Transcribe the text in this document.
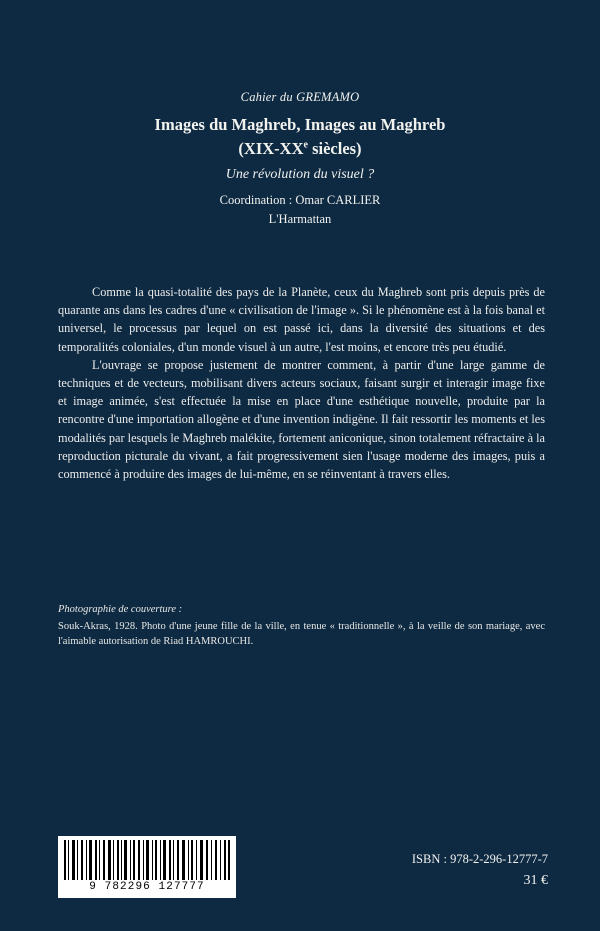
Cahier du GREMAMO
Images du Maghreb, Images au Maghreb
(XIX-XXe siècles)
Une révolution du visuel ?
Coordination : Omar CARLIER
L'Harmattan

Comme la quasi-totalité des pays de la Planète, ceux du Maghreb sont pris depuis près de quarante ans dans les cadres d'une « civilisation de l'image ». Si le phénomène est à la fois banal et universel, le processus par lequel on est passé ici, dans la diversité des situations et des temporalités coloniales, d'un monde visuel à un autre, l'est moins, et encore très peu étudié.

L'ouvrage se propose justement de montrer comment, à partir d'une large gamme de techniques et de vecteurs, mobilisant divers acteurs sociaux, faisant surgir et interagir image fixe et image animée, s'est effectuée la mise en place d'une esthétique nouvelle, produite par la rencontre d'une importation allogène et d'une invention indigène. Il fait ressortir les moments et les modalités par lesquels le Maghreb malékite, fortement aniconique, sinon totalement réfractaire à la reproduction picturale du vivant, a fait progressivement sien l'usage moderne des images, puis a commencé à produire des images de lui-même, en se réinventant à travers elles.

Photographie de couverture :
Souk-Akras, 1928. Photo d'une jeune fille de la ville, en tenue « traditionnelle », à la veille de son mariage, avec l'aimable autorisation de Riad HAMROUCHI.
9 782296 127777
ISBN : 978-2-296-12777-7
31 €
